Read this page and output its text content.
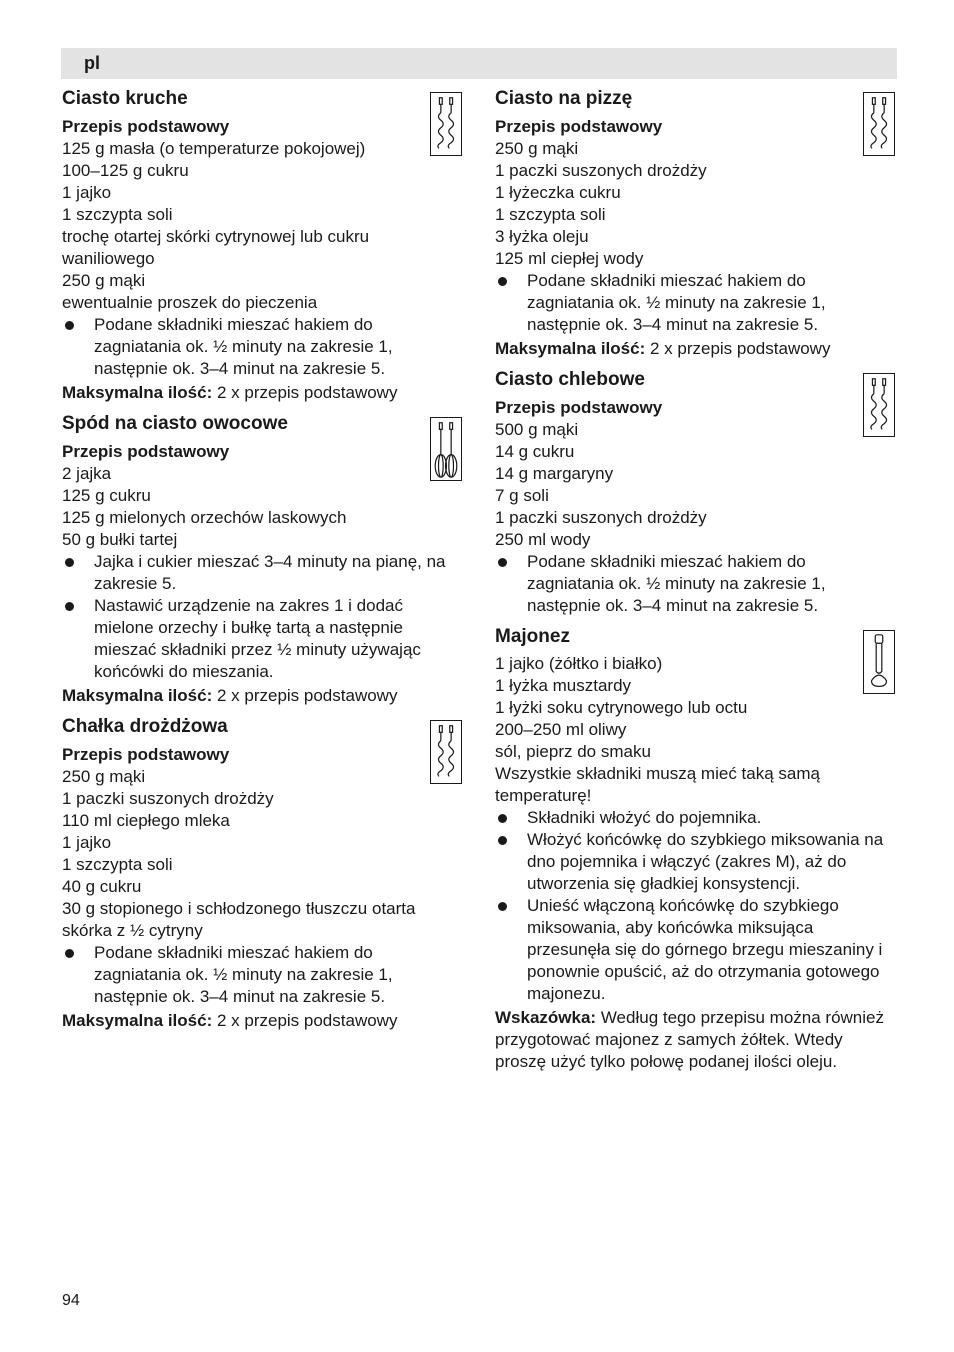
pl
Ciasto kruche
Przepis podstawowy
125 g masła (o temperaturze pokojowej)
100–125 g cukru
1 jajko
1 szczypta soli
trochę otartej skórki cytrynowej lub cukru waniliowego
250 g mąki
ewentualnie proszek do pieczenia
Podane składniki mieszać hakiem do zagniatania ok. ½ minuty na zakresie 1, następnie ok. 3–4 minut na zakresie 5.
Maksymalna ilość: 2 x przepis podstawowy
Spód na ciasto owocowe
Przepis podstawowy
2 jajka
125 g cukru
125 g mielonych orzechów laskowych
50 g bułki tartej
Jajka i cukier mieszać 3–4 minuty na pianę, na zakresie 5.
Nastawić urządzenie na zakres 1 i dodać mielone orzechy i bułkę tartą a następnie mieszać składniki przez ½ minuty używając końcówki do mieszania.
Maksymalna ilość: 2 x przepis podstawowy
Chałka drożdżowa
Przepis podstawowy
250 g mąki
1 paczki suszonych drożdży
110 ml ciepłego mleka
1 jajko
1 szczypta soli
40 g cukru
30 g stopionego i schłodzonego tłuszczu otarta skórka z ½ cytryny
Podane składniki mieszać hakiem do zagniatania ok. ½ minuty na zakresie 1, następnie ok. 3–4 minut na zakresie 5.
Maksymalna ilość: 2 x przepis podstawowy
Ciasto na pizzę
Przepis podstawowy
250 g mąki
1 paczki suszonych drożdży
1 łyżeczka cukru
1 szczypta soli
3 łyżka oleju
125 ml ciepłej wody
Podane składniki mieszać hakiem do zagniatania ok. ½ minuty na zakresie 1, następnie ok. 3–4 minut na zakresie 5.
Maksymalna ilość: 2 x przepis podstawowy
Ciasto chlebowe
Przepis podstawowy
500 g mąki
14 g cukru
14 g margaryny
7 g soli
1 paczki suszonych drożdży
250 ml wody
Podane składniki mieszać hakiem do zagniatania ok. ½ minuty na zakresie 1, następnie ok. 3–4 minut na zakresie 5.
Majonez
1 jajko (żółtko i białko)
1 łyżka musztardy
1 łyżki soku cytrynowego lub octu
200–250 ml oliwy
sól, pieprz do smaku
Wszystkie składniki muszą mieć taką samą temperaturę!
Składniki włożyć do pojemnika.
Włożyć końcówkę do szybkiego miksowania na dno pojemnika i włączyć (zakres M), aż do utworzenia się gładkiej konsystencji.
Unieść włączoną końcówkę do szybkiego miksowania, aby końcówka miksująca przesunęła się do górnego brzegu mieszaniny i ponownie opuścić, aż do otrzymania gotowego majonezu.
Wskazówka: Według tego przepisu można również przygotować majonez z samych żółtek. Wtedy proszę użyć tylko połowę podanej ilości oleju.
94
